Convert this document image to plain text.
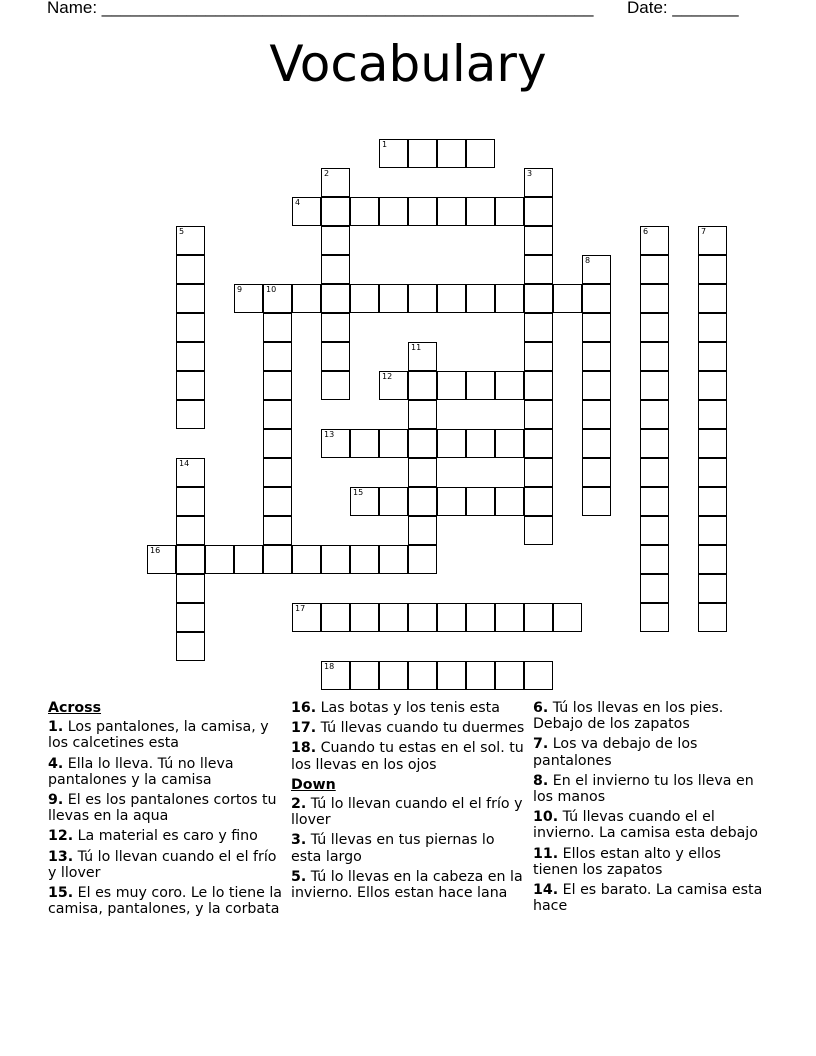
Name: ____________________________________________________ Date: _______
Vocabulary
1
2	3
4
5	6	7
8
9	10
11
12
13
14
15
16
17
18
Across
1. Los pantalones, la camisa, y los calcetines esta
4. Ella lo lleva. Tú no lleva pantalones y la camisa
9. El es los pantalones cortos tu llevas en la aqua
12. La material es caro y fino
13. Tú lo llevan cuando el el frío y llover
15. El es muy coro. Le lo tiene la camisa, pantalones, y la corbata
16. Las botas y los tenis esta
17. Tú llevas cuando tu duermes
18. Cuando tu estas en el sol. tu los llevas en los ojos
Down
2. Tú lo llevan cuando el el frío y llover
3. Tú llevas en tus piernas lo esta largo
5. Tú lo llevas en la cabeza en la invierno. Ellos estan hace lana
6. Tú los llevas en los pies. Debajo de los zapatos
7. Los va debajo de los pantalones
8. En el invierno tu los lleva en los manos
10. Tú llevas cuando el el invierno. La camisa esta debajo
11. Ellos estan alto y ellos tienen los zapatos
14. El es barato. La camisa esta hace
